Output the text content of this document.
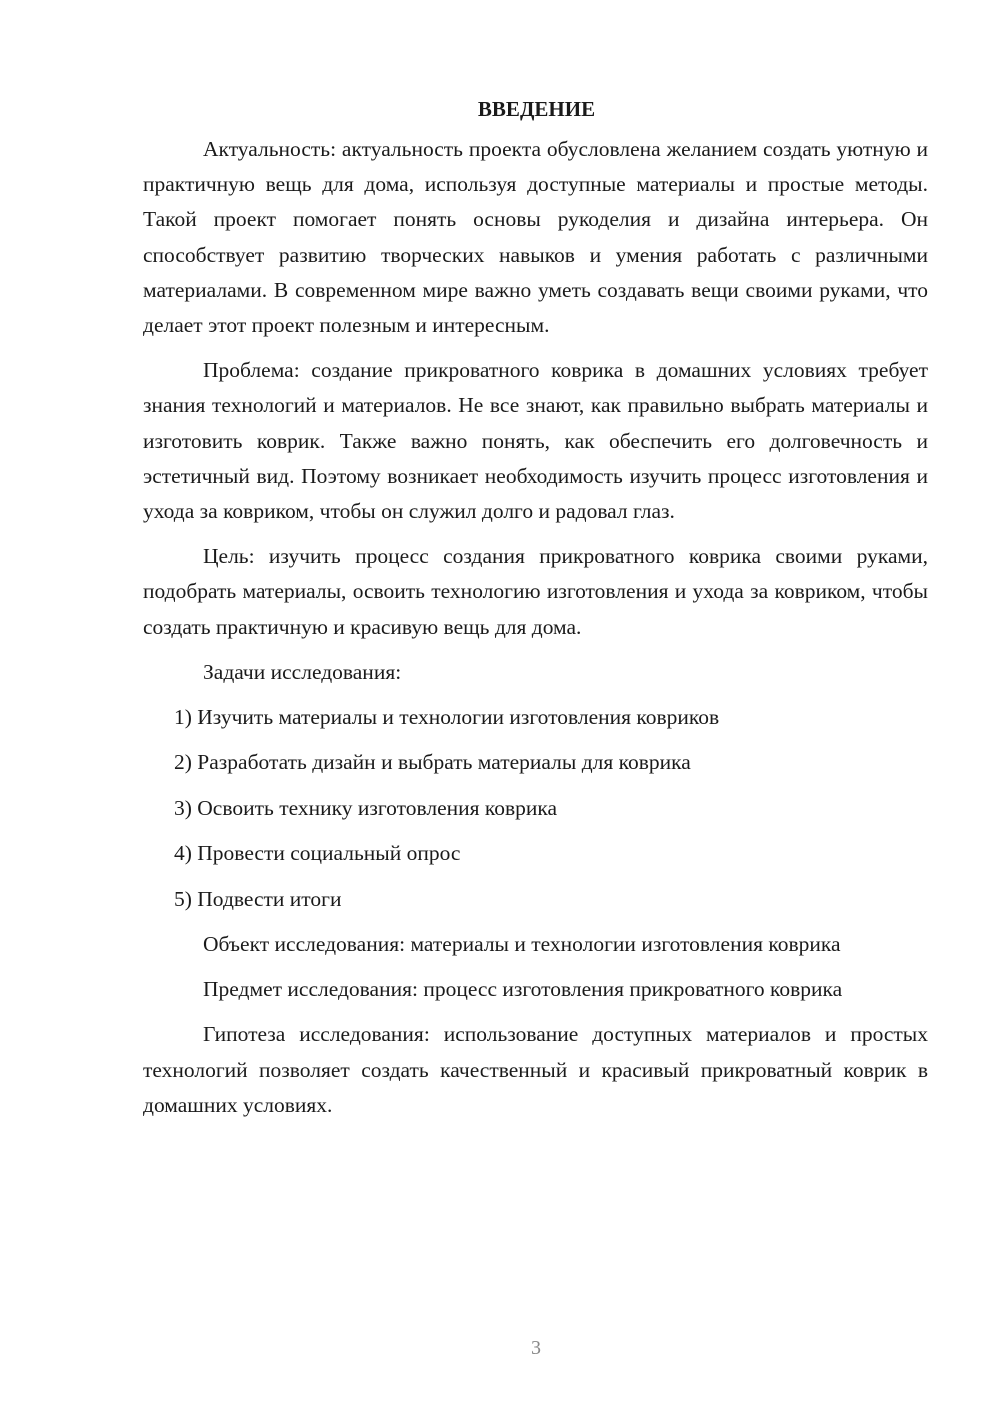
ВВЕДЕНИЕ

Актуальность: актуальность проекта обусловлена желанием создать уютную и практичную вещь для дома, используя доступные материалы и простые методы. Такой проект помогает понять основы рукоделия и дизайна интерьера. Он способствует развитию творческих навыков и умения работать с различными материалами. В современном мире важно уметь создавать вещи своими руками, что делает этот проект полезным и интересным.

Проблема: создание прикроватного коврика в домашних условиях требует знания технологий и материалов. Не все знают, как правильно выбрать материалы и изготовить коврик. Также важно понять, как обеспечить его долговечность и эстетичный вид. Поэтому возникает необходимость изучить процесс изготовления и ухода за ковриком, чтобы он служил долго и радовал глаз.

Цель: изучить процесс создания прикроватного коврика своими руками, подобрать материалы, освоить технологию изготовления и ухода за ковриком, чтобы создать практичную и красивую вещь для дома.

Задачи исследования:

1) Изучить материалы и технологии изготовления ковриков
2) Разработать дизайн и выбрать материалы для коврика
3) Освоить технику изготовления коврика
4) Провести социальный опрос
5) Подвести итоги

Объект исследования: материалы и технологии изготовления коврика

Предмет исследования: процесс изготовления прикроватного коврика

Гипотеза исследования: использование доступных материалов и простых технологий позволяет создать качественный и красивый прикроватный коврик в домашних условиях.

3
